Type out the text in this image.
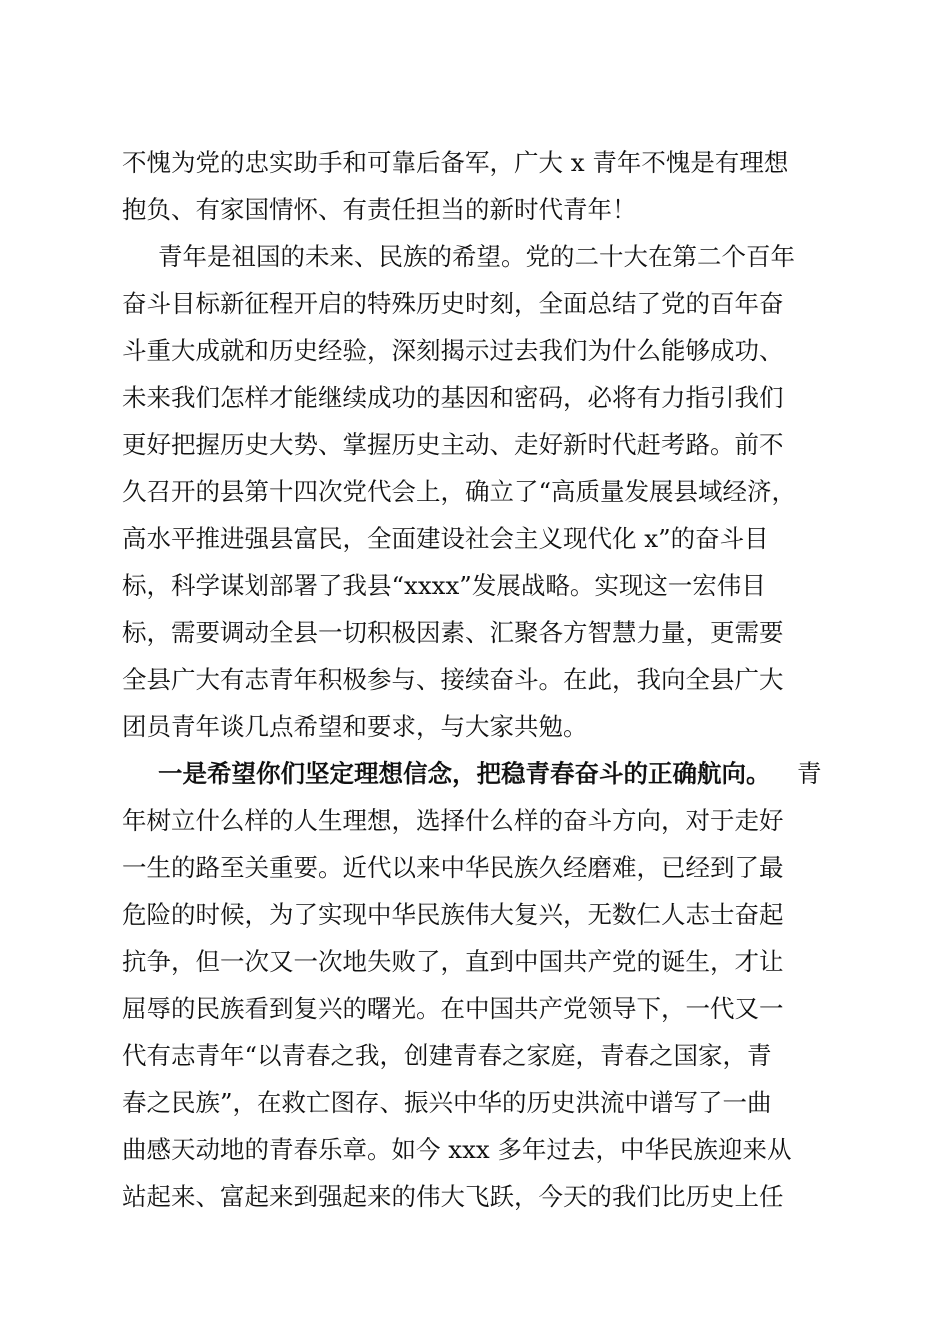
不愧为党的忠实助手和可靠后备军，广大 x 青年不愧是有理想
抱负、有家国情怀、有责任担当的新时代青年！
青年是祖国的未来、民族的希望。党的二十大在第二个百年
奋斗目标新征程开启的特殊历史时刻，全面总结了党的百年奋
斗重大成就和历史经验，深刻揭示过去我们为什么能够成功、
未来我们怎样才能继续成功的基因和密码，必将有力指引我们
更好把握历史大势、掌握历史主动、走好新时代赶考路。前不
久召开的县第十四次党代会上，确立了“高质量发展县域经济，
高水平推进强县富民，全面建设社会主义现代化 x”的奋斗目
标，科学谋划部署了我县“xxxx”发展战略。实现这一宏伟目
标，需要调动全县一切积极因素、汇聚各方智慧力量，更需要
全县广大有志青年积极参与、接续奋斗。在此，我向全县广大
团员青年谈几点希望和要求，与大家共勉。
一是希望你们坚定理想信念，把稳青春奋斗的正确航向。 青
年树立什么样的人生理想，选择什么样的奋斗方向，对于走好
一生的路至关重要。近代以来中华民族久经磨难，已经到了最
危险的时候，为了实现中华民族伟大复兴，无数仁人志士奋起
抗争，但一次又一次地失败了，直到中国共产党的诞生，才让
屈辱的民族看到复兴的曙光。在中国共产党领导下，一代又一
代有志青年“以青春之我，创建青春之家庭，青春之国家，青
春之民族”，在救亡图存、振兴中华的历史洪流中谱写了一曲
曲感天动地的青春乐章。如今 xxx 多年过去，中华民族迎来从
站起来、富起来到强起来的伟大飞跃，今天的我们比历史上任
